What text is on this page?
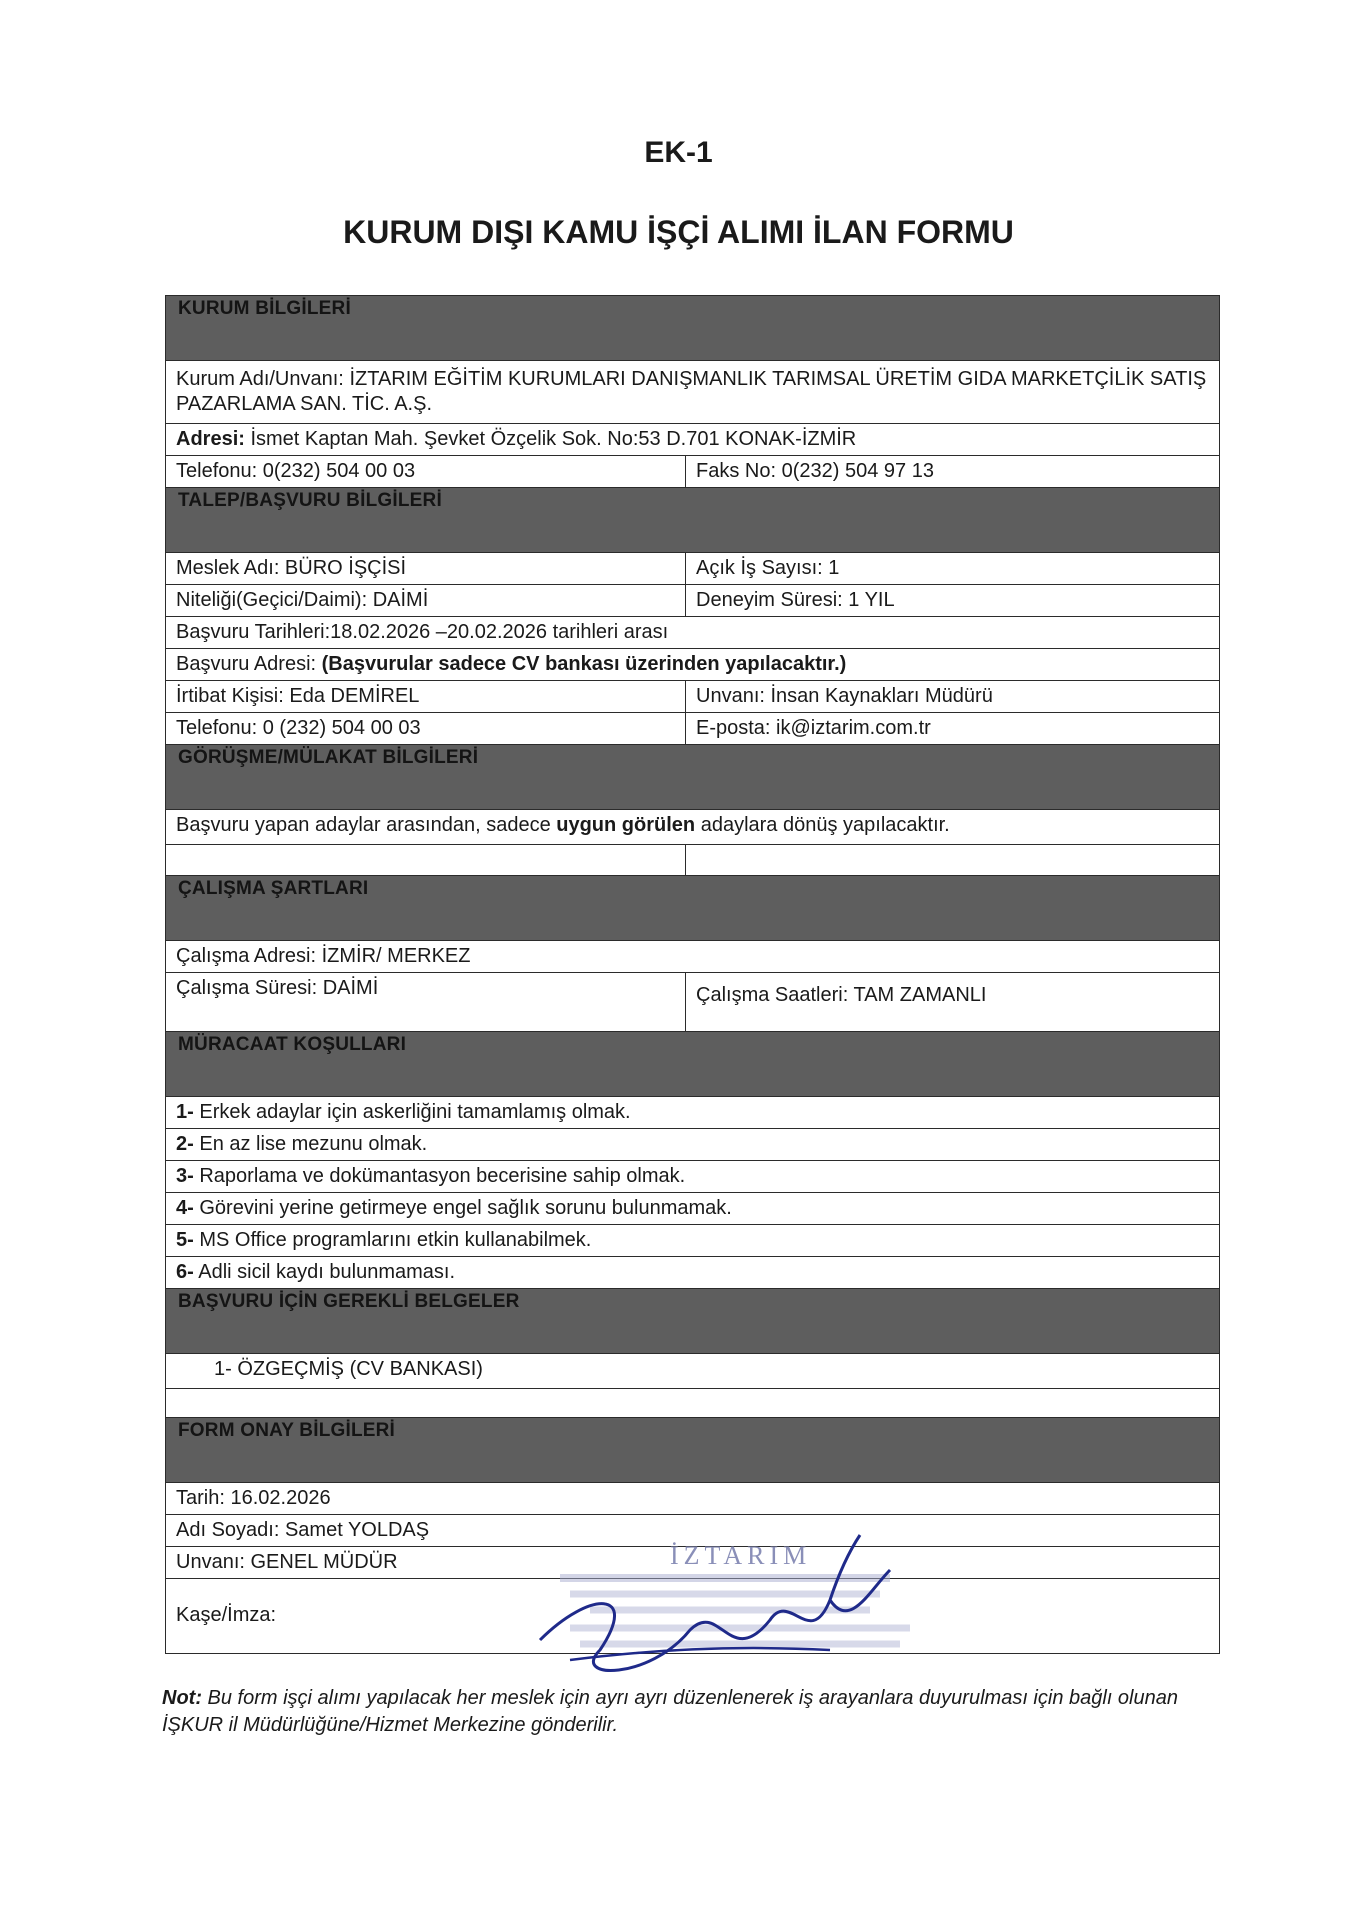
EK-1
KURUM DIŞI KAMU İŞÇİ ALIMI İLAN FORMU
KURUM BİLGİLERİ
Kurum Adı/Unvanı: İZTARIM EĞİTİM KURUMLARI DANIŞMANLIK TARIMSAL ÜRETİM GIDA MARKETÇİLİK SATIŞ PAZARLAMA SAN. TİC. A.Ş.
Adresi: İsmet Kaptan Mah. Şevket Özçelik Sok. No:53 D.701 KONAK-İZMİR
Telefonu: 0(232) 504 00 03	Faks No: 0(232) 504 97 13
TALEP/BAŞVURU BİLGİLERİ
Meslek Adı: BÜRO İŞÇİSİ	Açık İş Sayısı: 1
Niteliği(Geçici/Daimi): DAİMİ	Deneyim Süresi: 1 YIL
Başvuru Tarihleri:18.02.2026 –20.02.2026 tarihleri arası
Başvuru Adresi: (Başvurular sadece CV bankası üzerinden yapılacaktır.)
İrtibat Kişisi: Eda DEMİREL	Unvanı: İnsan Kaynakları Müdürü
Telefonu: 0 (232) 504 00 03	E-posta: ik@iztarim.com.tr
GÖRÜŞME/MÜLAKAT BİLGİLERİ
Başvuru yapan adaylar arasından, sadece uygun görülen adaylara dönüş yapılacaktır.
ÇALIŞMA ŞARTLARI
Çalışma Adresi: İZMİR/ MERKEZ
Çalışma Süresi: DAİMİ	Çalışma Saatleri: TAM ZAMANLI
MÜRACAAT KOŞULLARI
1- Erkek adaylar için askerliğini tamamlamış olmak.
2- En az lise mezunu olmak.
3- Raporlama ve dokümantasyon becerisine sahip olmak.
4- Görevini yerine getirmeye engel sağlık sorunu bulunmamak.
5- MS Office programlarını etkin kullanabilmek.
6- Adli sicil kaydı bulunmaması.
BAŞVURU İÇİN GEREKLİ BELGELER
1- ÖZGEÇMİŞ (CV BANKASI)
FORM ONAY BİLGİLERİ
Tarih: 16.02.2026
Adı Soyadı: Samet YOLDAŞ
Unvanı: GENEL MÜDÜR
Kaşe/İmza:
İZTARIM
Not: Bu form işçi alımı yapılacak her meslek için ayrı ayrı düzenlenerek iş arayanlara duyurulması için bağlı olunan İŞKUR il Müdürlüğüne/Hizmet Merkezine gönderilir.
